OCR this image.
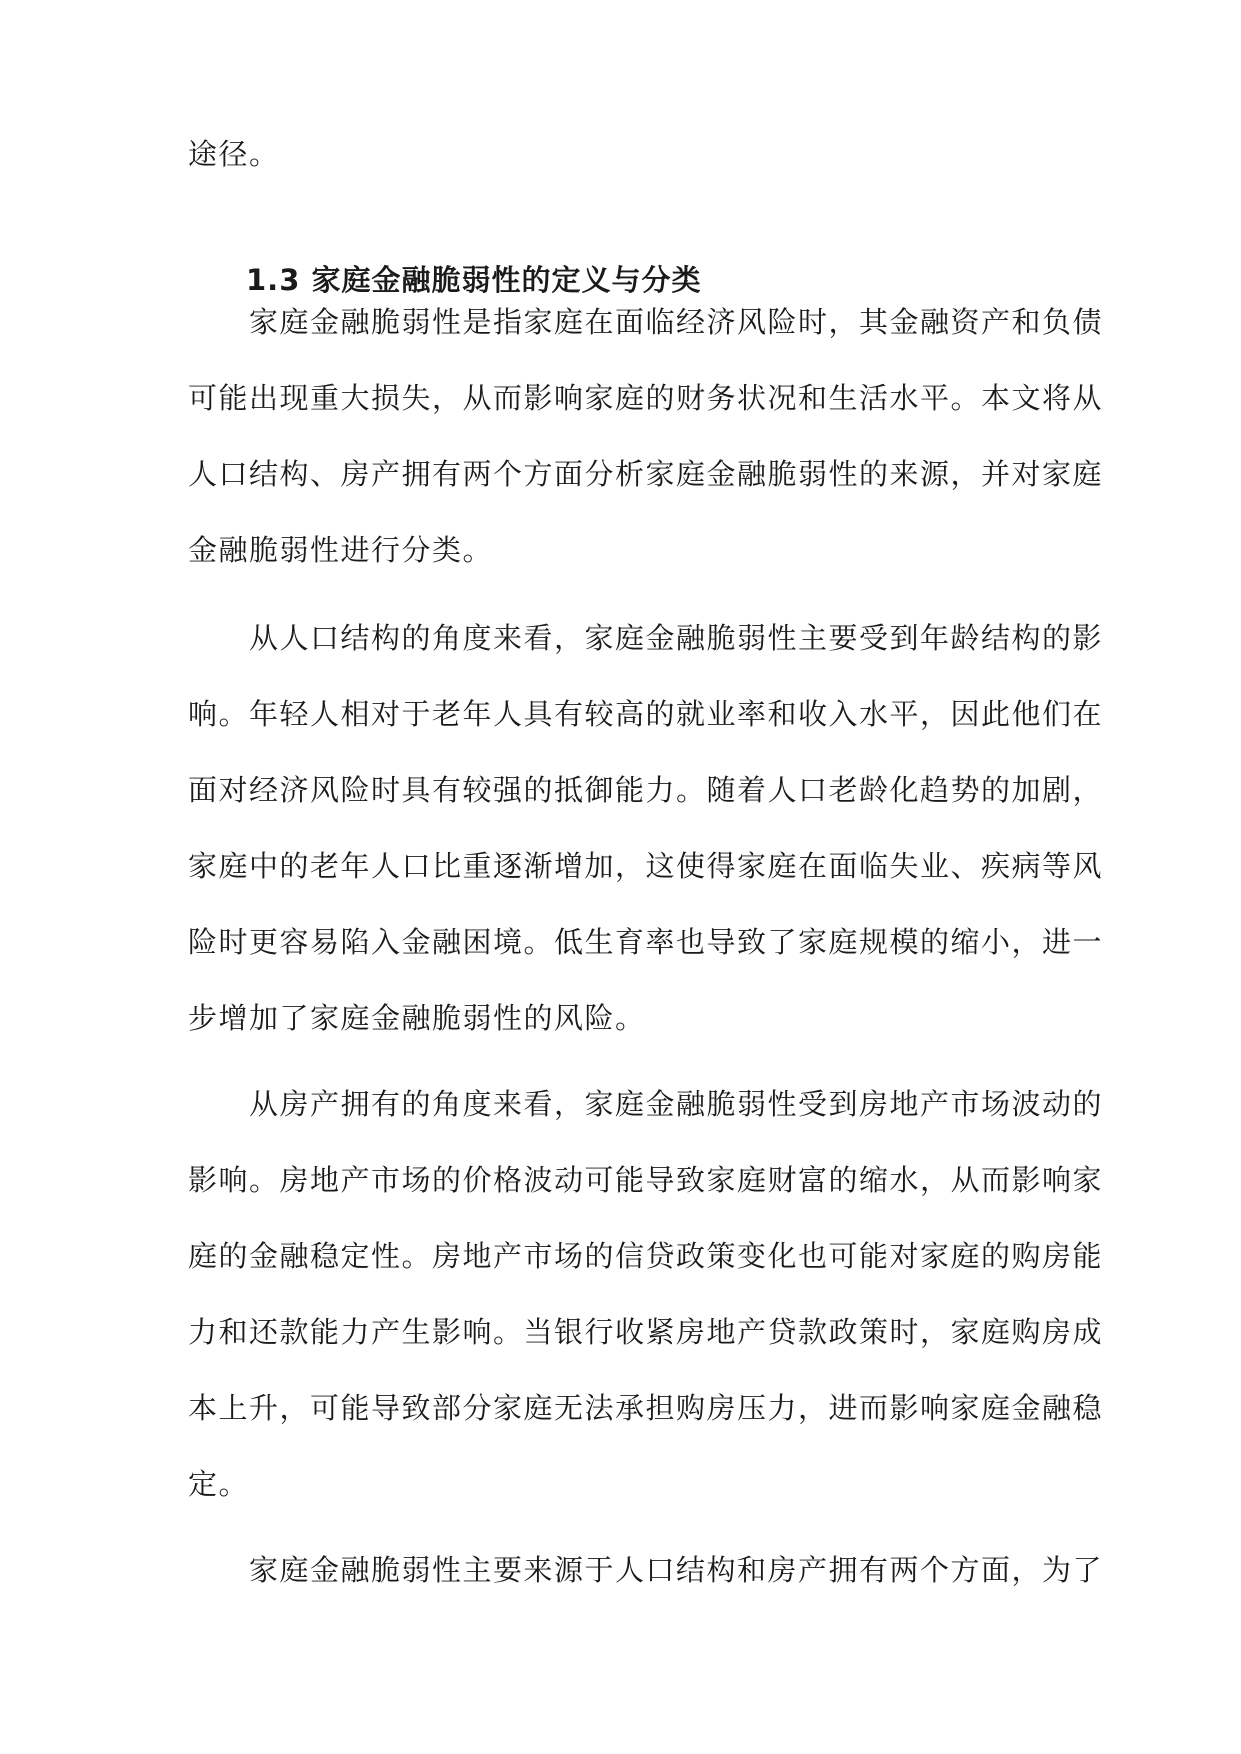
途径。

1.3 家庭金融脆弱性的定义与分类

　　家庭金融脆弱性是指家庭在面临经济风险时，其金融资产和负债
可能出现重大损失，从而影响家庭的财务状况和生活水平。本文将从
人口结构、房产拥有两个方面分析家庭金融脆弱性的来源，并对家庭
金融脆弱性进行分类。

　　从人口结构的角度来看，家庭金融脆弱性主要受到年龄结构的影
响。年轻人相对于老年人具有较高的就业率和收入水平，因此他们在
面对经济风险时具有较强的抵御能力。随着人口老龄化趋势的加剧，
家庭中的老年人口比重逐渐增加，这使得家庭在面临失业、疾病等风
险时更容易陷入金融困境。低生育率也导致了家庭规模的缩小，进一
步增加了家庭金融脆弱性的风险。

　　从房产拥有的角度来看，家庭金融脆弱性受到房地产市场波动的
影响。房地产市场的价格波动可能导致家庭财富的缩水，从而影响家
庭的金融稳定性。房地产市场的信贷政策变化也可能对家庭的购房能
力和还款能力产生影响。当银行收紧房地产贷款政策时，家庭购房成
本上升，可能导致部分家庭无法承担购房压力，进而影响家庭金融稳
定。

　　家庭金融脆弱性主要来源于人口结构和房产拥有两个方面，为了
